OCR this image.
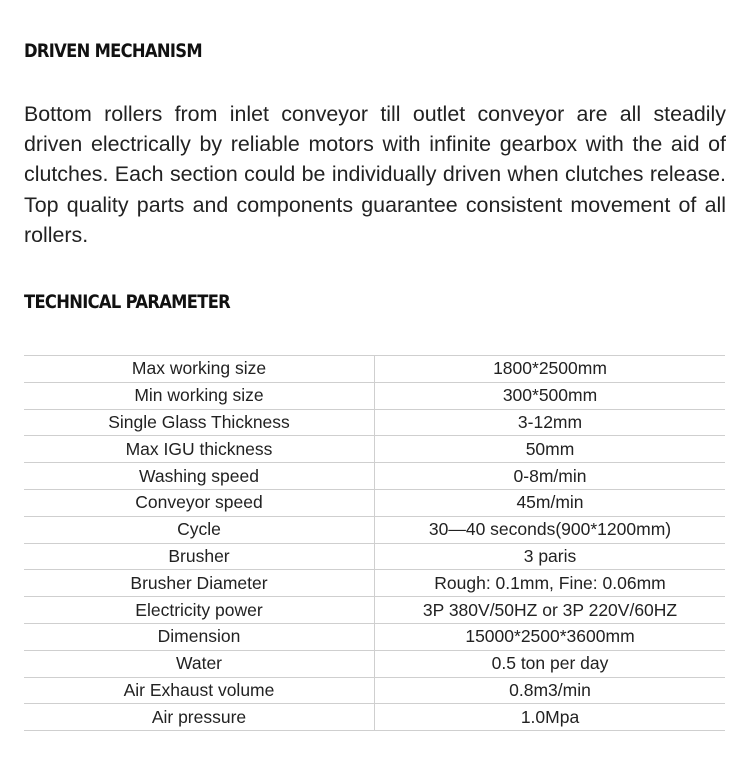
DRIVEN MECHANISM

Bottom rollers from inlet conveyor till outlet conveyor are all steadily driven electrically by reliable motors with infinite gearbox with the aid of clutches. Each section could be individually driven when clutches release. Top quality parts and components guarantee consistent movement of all rollers.

TECHNICAL PARAMETER
Max working size	1800*2500mm
Min working size	300*500mm
Single Glass Thickness	3-12mm
Max IGU thickness	50mm
Washing speed	0-8m/min
Conveyor speed	45m/min
Cycle	30—40 seconds(900*1200mm)
Brusher	3 paris
Brusher Diameter	Rough: 0.1mm, Fine: 0.06mm
Electricity power	3P 380V/50HZ or 3P 220V/60HZ
Dimension	15000*2500*3600mm
Water	0.5 ton per day
Air Exhaust volume	0.8m3/min
Air pressure	1.0Mpa
